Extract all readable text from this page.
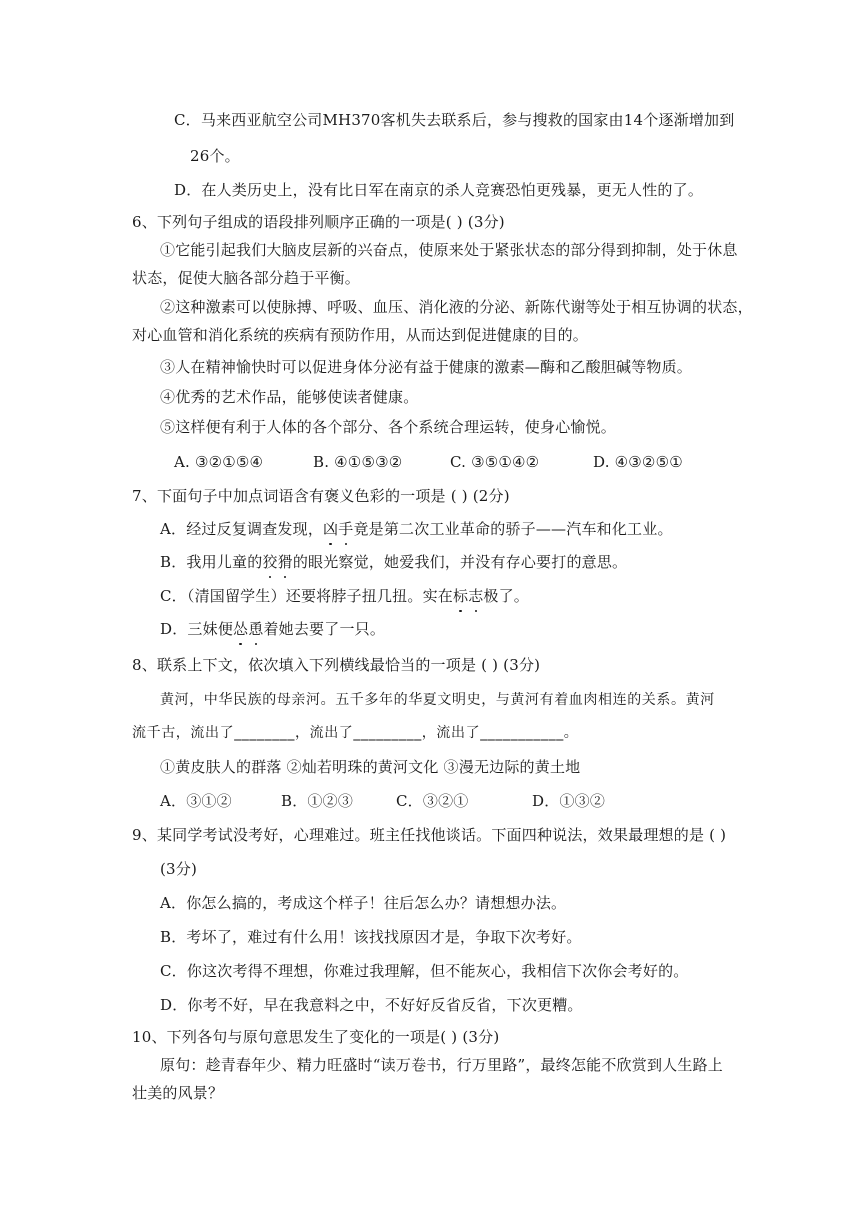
C．马来西亚航空公司MH370客机失去联系后，参与搜救的国家由14个逐渐增加到
26个。
D．在人类历史上，没有比日军在南京的杀人竞赛恐怕更残暴，更无人性的了。
6、下列句子组成的语段排列顺序正确的一项是( ) (3分)
①它能引起我们大脑皮层新的兴奋点，使原来处于紧张状态的部分得到抑制，处于休息
状态，促使大脑各部分趋于平衡。
②这种激素可以使脉搏、呼吸、血压、消化液的分泌、新陈代谢等处于相互协调的状态，
对心血管和消化系统的疾病有预防作用，从而达到促进健康的目的。
③人在精神愉快时可以促进身体分泌有益于健康的激素—酶和乙酸胆碱等物质。
④优秀的艺术作品，能够使读者健康。
⑤这样便有利于人体的各个部分、各个系统合理运转，使身心愉悦。
A. ③②①⑤④	B. ④①⑤③②	C. ③⑤①④②	D. ④③②⑤①
7、下面句子中加点词语含有褒义色彩的一项是 ( ) (2分)
A．经过反复调查发现，凶手竟是第二次工业革命的骄子——汽车和化工业。
B．我用儿童的狡猾的眼光察觉，她爱我们，并没有存心要打的意思。
C．（清国留学生）还要将脖子扭几扭。实在标志极了。
D．三妹便怂恿着她去要了一只。
8、联系上下文，依次填入下列横线最恰当的一项是 ( ) (3分)
黄河，中华民族的母亲河。五千多年的华夏文明史，与黄河有着血肉相连的关系。黄河
流千古，流出了________，流出了_________，流出了___________。
①黄皮肤人的群落 ②灿若明珠的黄河文化 ③漫无边际的黄土地
A．③①②	B．①②③	C．③②①	D．①③②
9、某同学考试没考好，心理难过。班主任找他谈话。下面四种说法，效果最理想的是 ( )
(3分)
A．你怎么搞的，考成这个样子！往后怎么办？请想想办法。
B．考坏了，难过有什么用！该找找原因才是，争取下次考好。
C．你这次考得不理想，你难过我理解，但不能灰心，我相信下次你会考好的。
D．你考不好，早在我意料之中，不好好反省反省，下次更糟。
10、下列各句与原句意思发生了变化的一项是( ) (3分)
原句：趁青春年少、精力旺盛时“读万卷书，行万里路”，最终怎能不欣赏到人生路上
壮美的风景？
